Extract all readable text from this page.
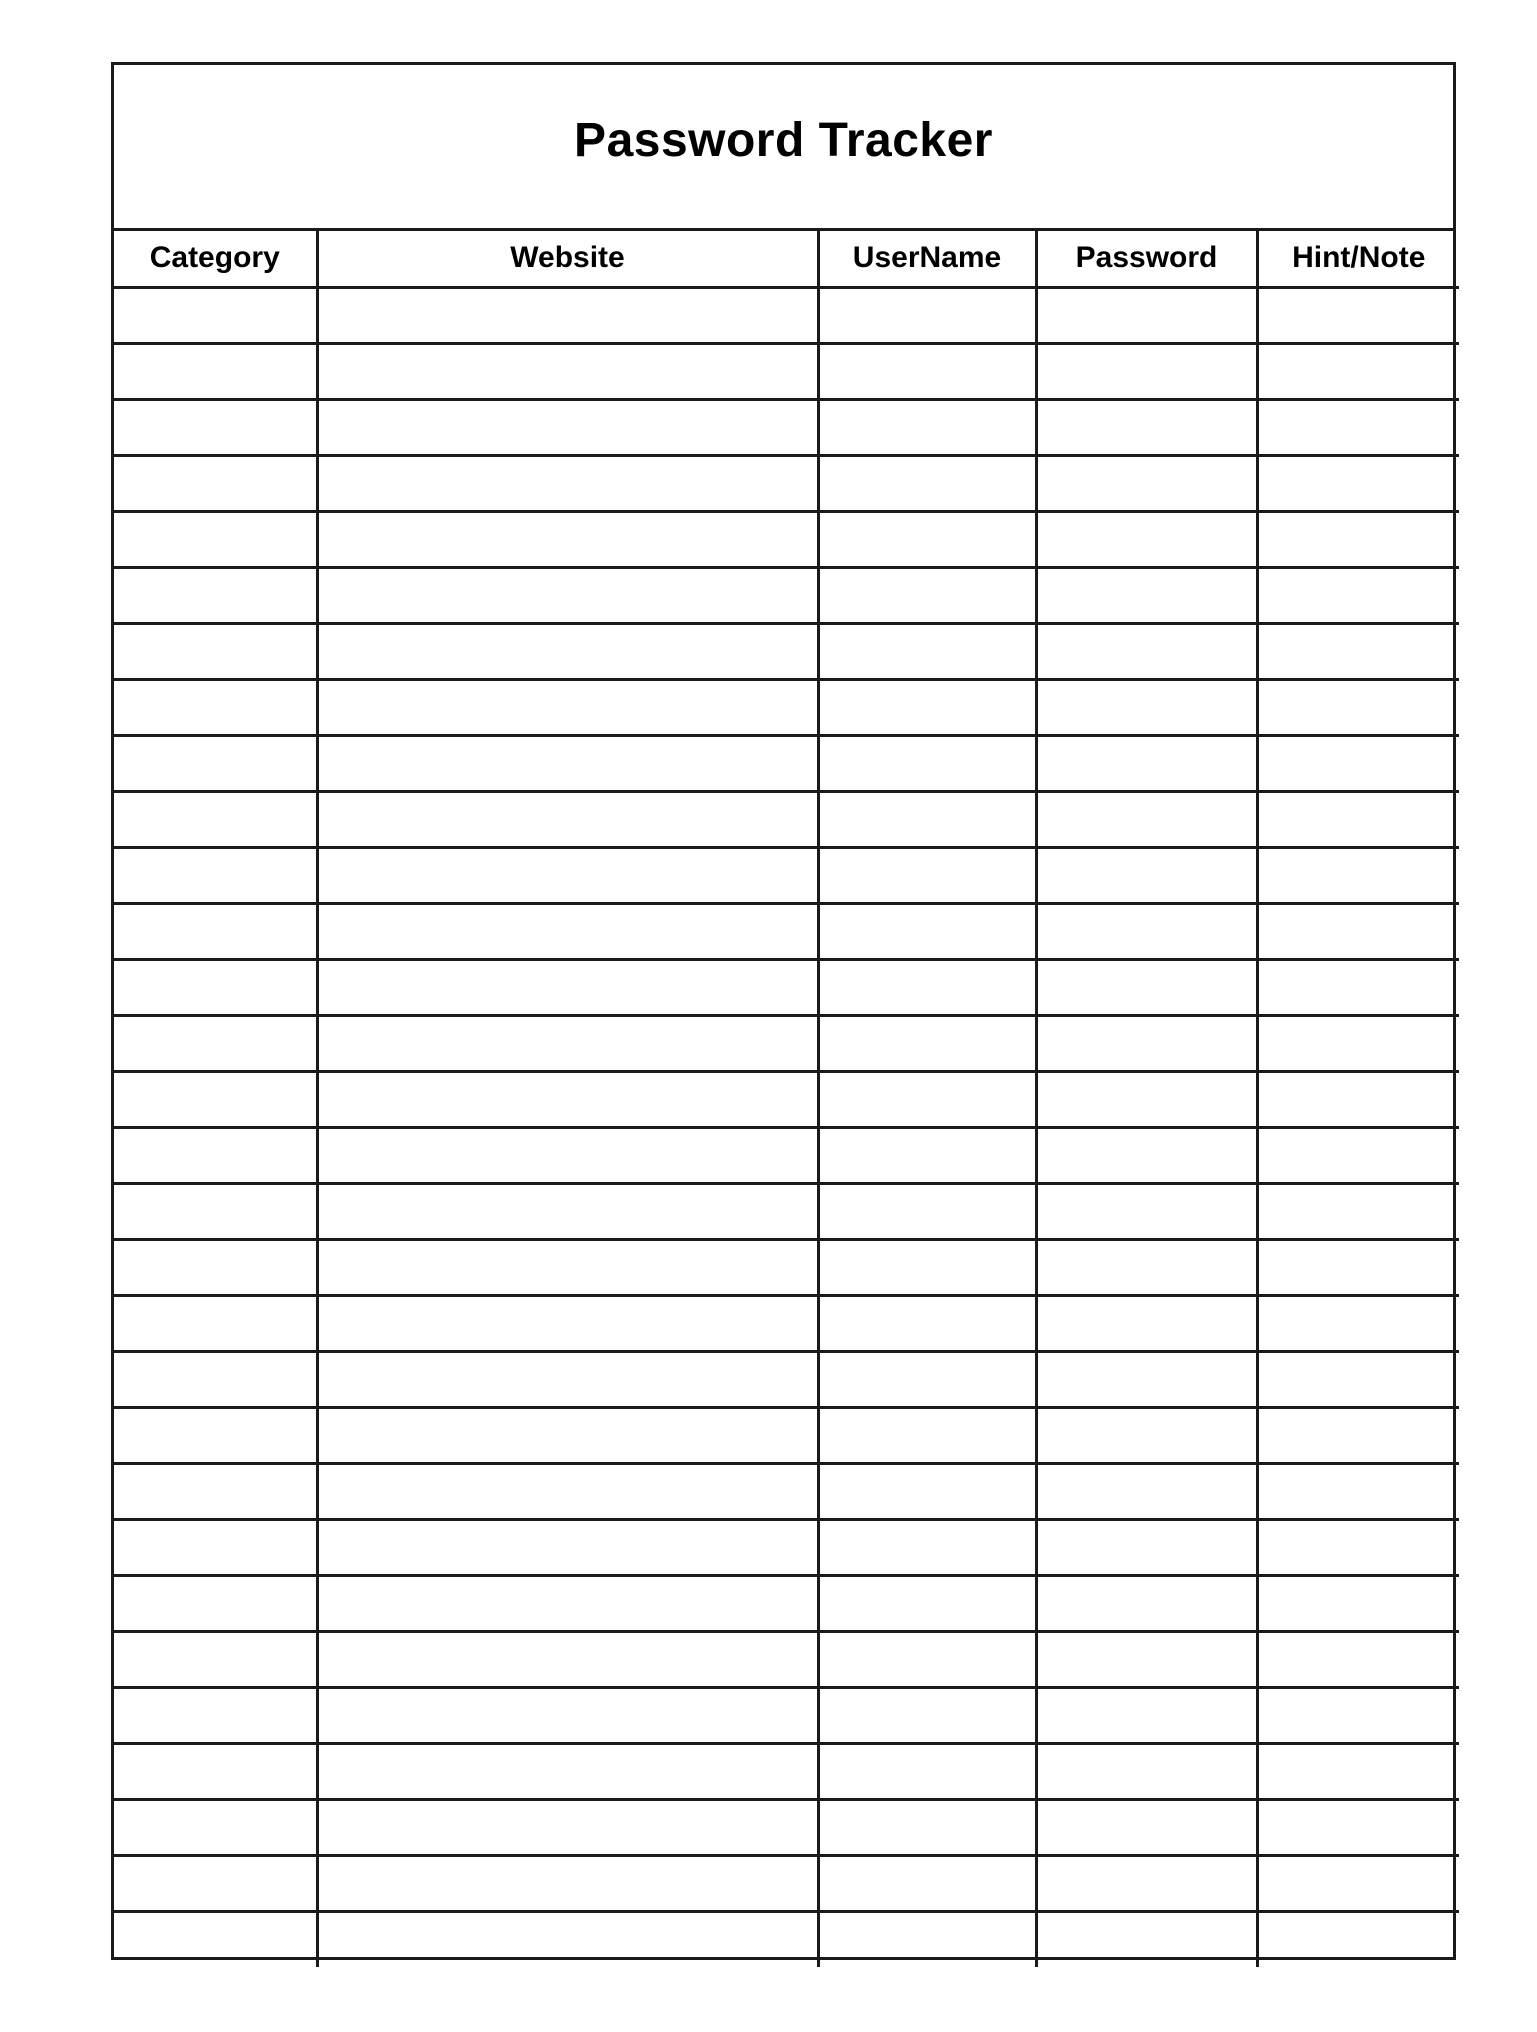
Password Tracker
Category	Website	UserName	Password	Hint/Note
